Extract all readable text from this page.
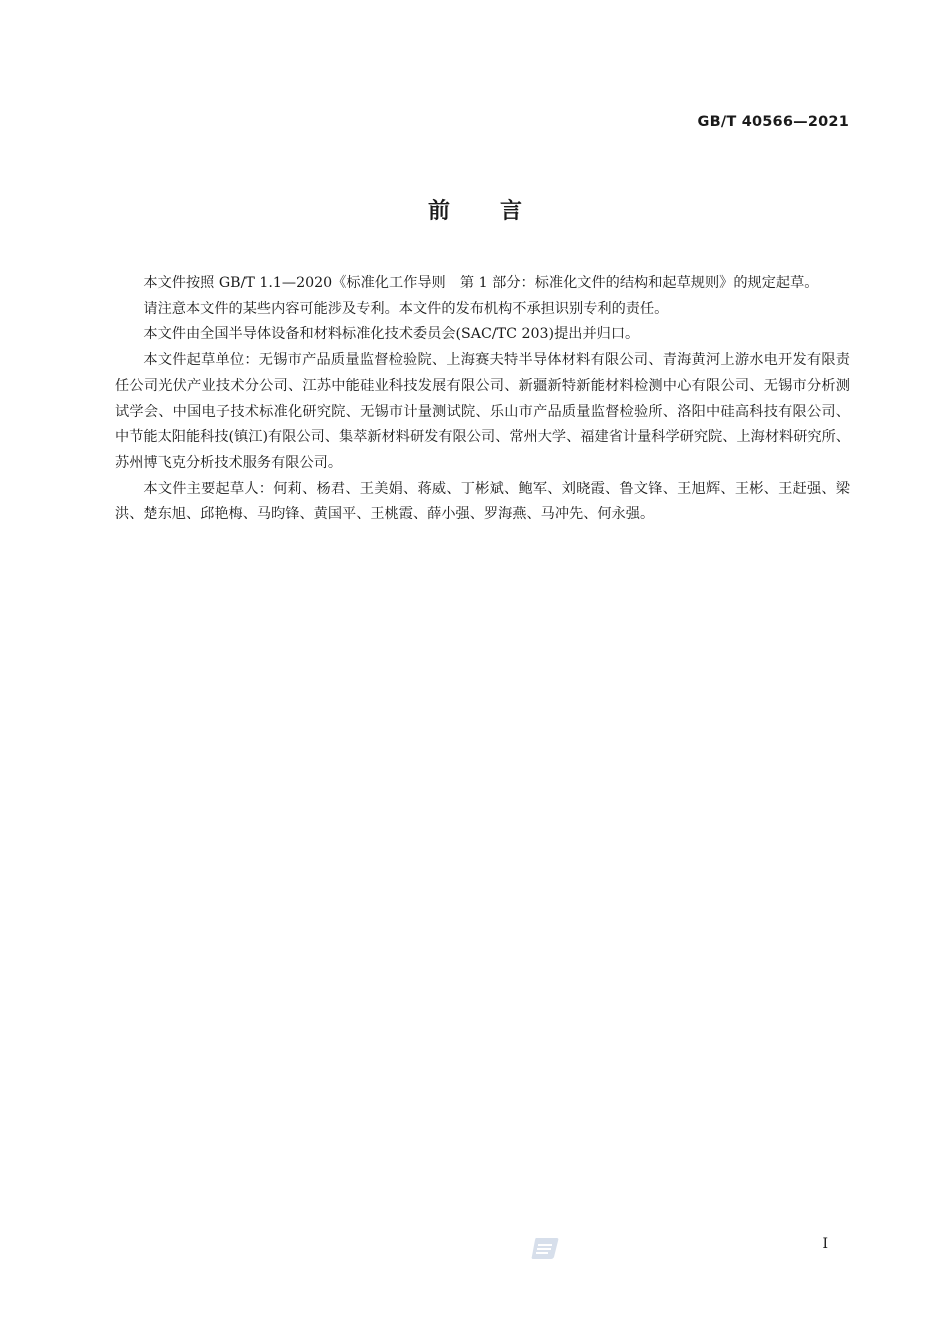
GB/T 40566—2021
前 言

本文件按照 GB/T 1.1—2020《标准化工作导则　第 1 部分：标准化文件的结构和起草规则》的规定起草。

请注意本文件的某些内容可能涉及专利。本文件的发布机构不承担识别专利的责任。

本文件由全国半导体设备和材料标准化技术委员会(SAC/TC 203)提出并归口。

本文件起草单位：无锡市产品质量监督检验院、上海赛夫特半导体材料有限公司、青海黄河上游水电开发有限责任公司光伏产业技术分公司、江苏中能硅业科技发展有限公司、新疆新特新能材料检测中心有限公司、无锡市分析测试学会、中国电子技术标准化研究院、无锡市计量测试院、乐山市产品质量监督检验所、洛阳中硅高科技有限公司、中节能太阳能科技(镇江)有限公司、集萃新材料研发有限公司、常州大学、福建省计量科学研究院、上海材料研究所、苏州博飞克分析技术服务有限公司。

本文件主要起草人：何莉、杨君、王美娟、蒋威、丁彬斌、鲍军、刘晓霞、鲁文锋、王旭辉、王彬、王赶强、梁洪、楚东旭、邱艳梅、马昀锋、黄国平、王桃霞、薛小强、罗海燕、马冲先、何永强。

I
